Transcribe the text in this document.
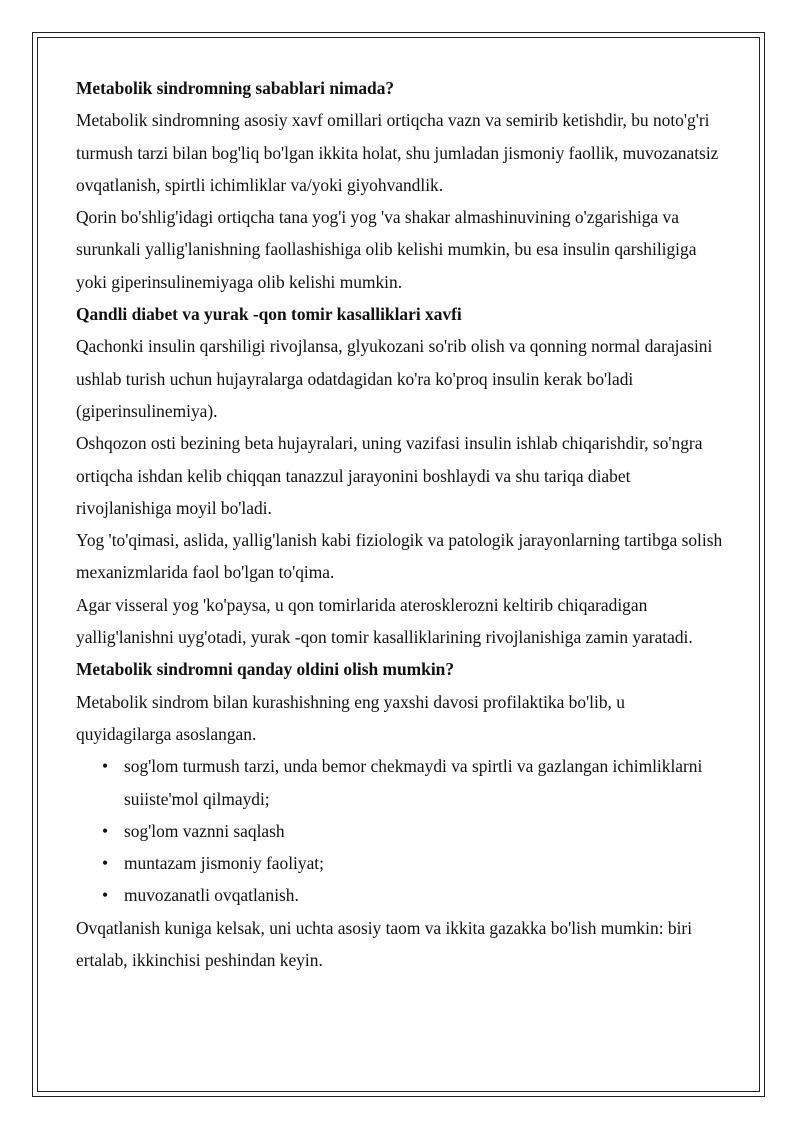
Metabolik sindromning sabablari nimada?

Metabolik sindromning asosiy xavf omillari ortiqcha vazn va semirib ketishdir, bu noto'g'ri turmush tarzi bilan bog'liq bo'lgan ikkita holat, shu jumladan jismoniy faollik, muvozanatsiz ovqatlanish, spirtli ichimliklar va/yoki giyohvandlik.

Qorin bo'shlig'idagi ortiqcha tana yog'i yog 'va shakar almashinuvining o'zgarishiga va surunkali yallig'lanishning faollashishiga olib kelishi mumkin, bu esa insulin qarshiligiga yoki giperinsulinemiyaga olib kelishi mumkin.

Qandli diabet va yurak -qon tomir kasalliklari xavfi

Qachonki insulin qarshiligi rivojlansa, glyukozani so'rib olish va qonning normal darajasini ushlab turish uchun hujayralarga odatdagidan ko'ra ko'proq insulin kerak bo'ladi (giperinsulinemiya).

Oshqozon osti bezining beta hujayralari, uning vazifasi insulin ishlab chiqarishdir, so'ngra ortiqcha ishdan kelib chiqqan tanazzul jarayonini boshlaydi va shu tariqa diabet rivojlanishiga moyil bo'ladi.

Yog 'to'qimasi, aslida, yallig'lanish kabi fiziologik va patologik jarayonlarning tartibga solish mexanizmlarida faol bo'lgan to'qima.

Agar visseral yog 'ko'paysa, u qon tomirlarida aterosklerozni keltirib chiqaradigan yallig'lanishni uyg'otadi, yurak -qon tomir kasalliklarining rivojlanishiga zamin yaratadi.

Metabolik sindromni qanday oldini olish mumkin?

Metabolik sindrom bilan kurashishning eng yaxshi davosi profilaktika bo'lib, u quyidagilarga asoslangan.

• sog'lom turmush tarzi, unda bemor chekmaydi va spirtli va gazlangan ichimliklarni suiiste'mol qilmaydi;
• sog'lom vaznni saqlash
• muntazam jismoniy faoliyat;
• muvozanatli ovqatlanish.

Ovqatlanish kuniga kelsak, uni uchta asosiy taom va ikkita gazakka bo'lish mumkin: biri ertalab, ikkinchisi peshindan keyin.
